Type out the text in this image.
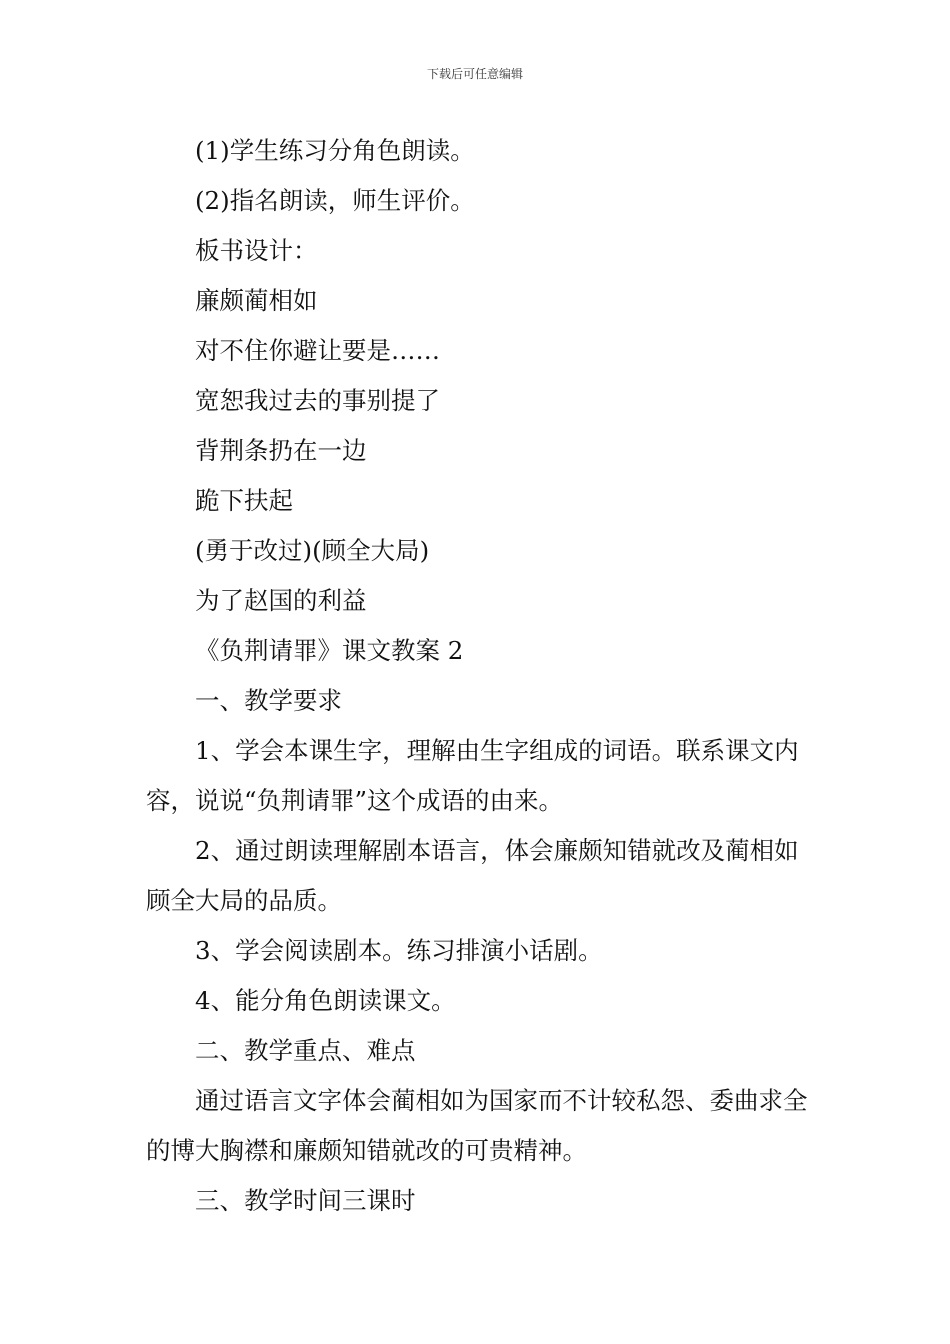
下载后可任意编辑

(1)学生练习分角色朗读。

(2)指名朗读，师生评价。

板书设计：

廉颇蔺相如

对不住你避让要是……

宽恕我过去的事别提了

背荆条扔在一边

跪下扶起

(勇于改过)(顾全大局)

为了赵国的利益

《负荆请罪》课文教案 2

一、教学要求

1、学会本课生字，理解由生字组成的词语。联系课文内容，说说“负荆请罪”这个成语的由来。

2、通过朗读理解剧本语言，体会廉颇知错就改及蔺相如顾全大局的品质。

3、学会阅读剧本。练习排演小话剧。

4、能分角色朗读课文。

二、教学重点、难点

通过语言文字体会蔺相如为国家而不计较私怨、委曲求全的博大胸襟和廉颇知错就改的可贵精神。

三、教学时间三课时
